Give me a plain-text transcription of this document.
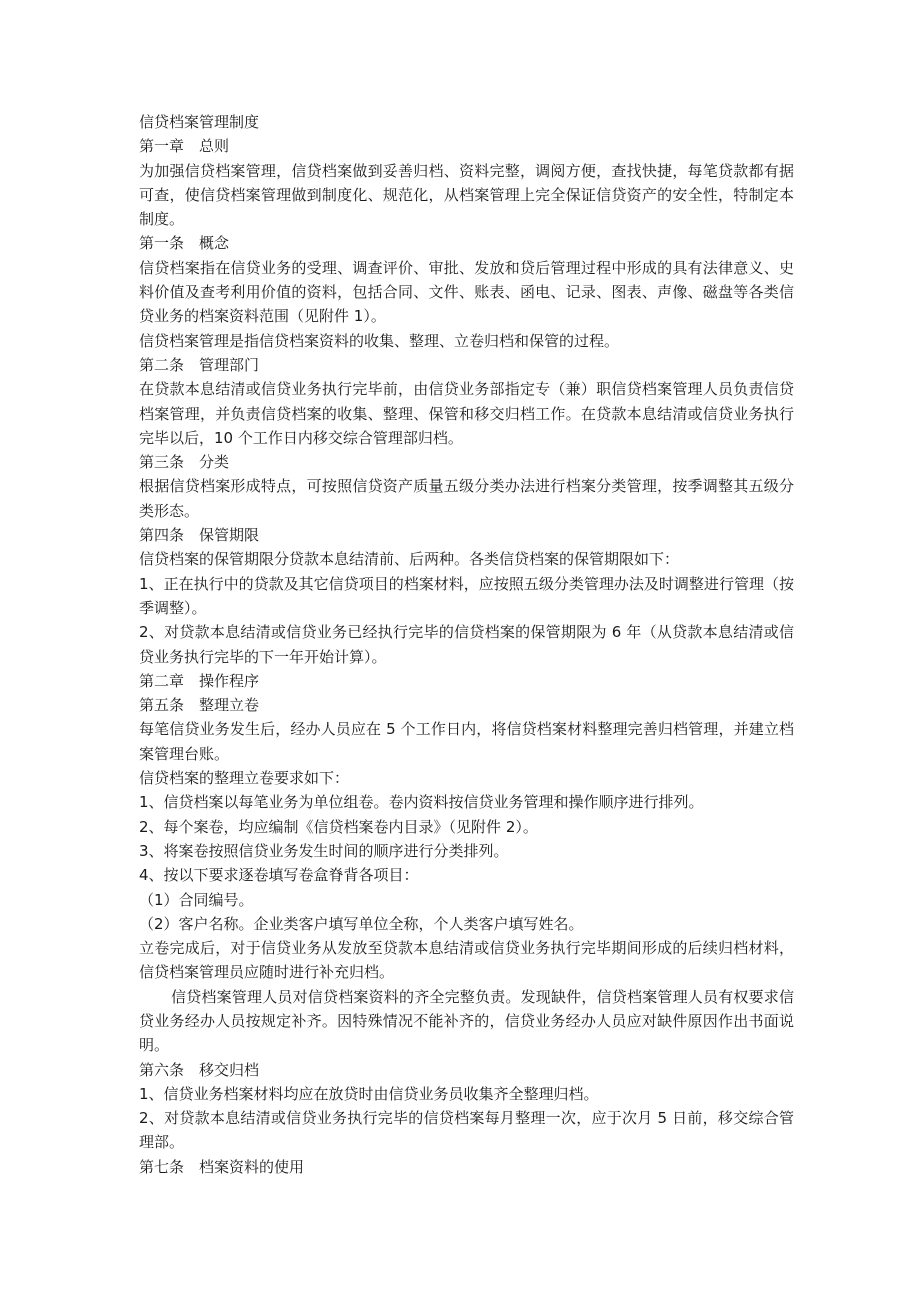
信贷档案管理制度

第一章　总则

为加强信贷档案管理，信贷档案做到妥善归档、资料完整，调阅方便，查找快捷，每笔贷款都有据可查，使信贷档案管理做到制度化、规范化，从档案管理上完全保证信贷资产的安全性，特制定本制度。

第一条　概念

信贷档案指在信贷业务的受理、调查评价、审批、发放和贷后管理过程中形成的具有法律意义、史料价值及查考利用价值的资料，包括合同、文件、账表、函电、记录、图表、声像、磁盘等各类信贷业务的档案资料范围（见附件 1）。

信贷档案管理是指信贷档案资料的收集、整理、立卷归档和保管的过程。

第二条　管理部门

在贷款本息结清或信贷业务执行完毕前，由信贷业务部指定专（兼）职信贷档案管理人员负责信贷档案管理，并负责信贷档案的收集、整理、保管和移交归档工作。在贷款本息结清或信贷业务执行完毕以后，10 个工作日内移交综合管理部归档。

第三条　分类

根据信贷档案形成特点，可按照信贷资产质量五级分类办法进行档案分类管理，按季调整其五级分类形态。

第四条　保管期限

信贷档案的保管期限分贷款本息结清前、后两种。各类信贷档案的保管期限如下：

1、正在执行中的贷款及其它信贷项目的档案材料，应按照五级分类管理办法及时调整进行管理（按季调整）。

2、对贷款本息结清或信贷业务已经执行完毕的信贷档案的保管期限为 6 年（从贷款本息结清或信贷业务执行完毕的下一年开始计算）。

第二章　操作程序

第五条　整理立卷

每笔信贷业务发生后，经办人员应在 5 个工作日内，将信贷档案材料整理完善归档管理，并建立档案管理台账。

信贷档案的整理立卷要求如下：

1、信贷档案以每笔业务为单位组卷。卷内资料按信贷业务管理和操作顺序进行排列。

2、每个案卷，均应编制《信贷档案卷内目录》（见附件 2）。

3、将案卷按照信贷业务发生时间的顺序进行分类排列。

4、按以下要求逐卷填写卷盒脊背各项目：

（1）合同编号。

（2）客户名称。企业类客户填写单位全称，个人类客户填写姓名。

立卷完成后，对于信贷业务从发放至贷款本息结清或信贷业务执行完毕期间形成的后续归档材料，信贷档案管理员应随时进行补充归档。

信贷档案管理人员对信贷档案资料的齐全完整负责。发现缺件，信贷档案管理人员有权要求信贷业务经办人员按规定补齐。因特殊情况不能补齐的，信贷业务经办人员应对缺件原因作出书面说明。

第六条　移交归档

1、信贷业务档案材料均应在放贷时由信贷业务员收集齐全整理归档。

2、对贷款本息结清或信贷业务执行完毕的信贷档案每月整理一次，应于次月 5 日前，移交综合管理部。

第七条　档案资料的使用
